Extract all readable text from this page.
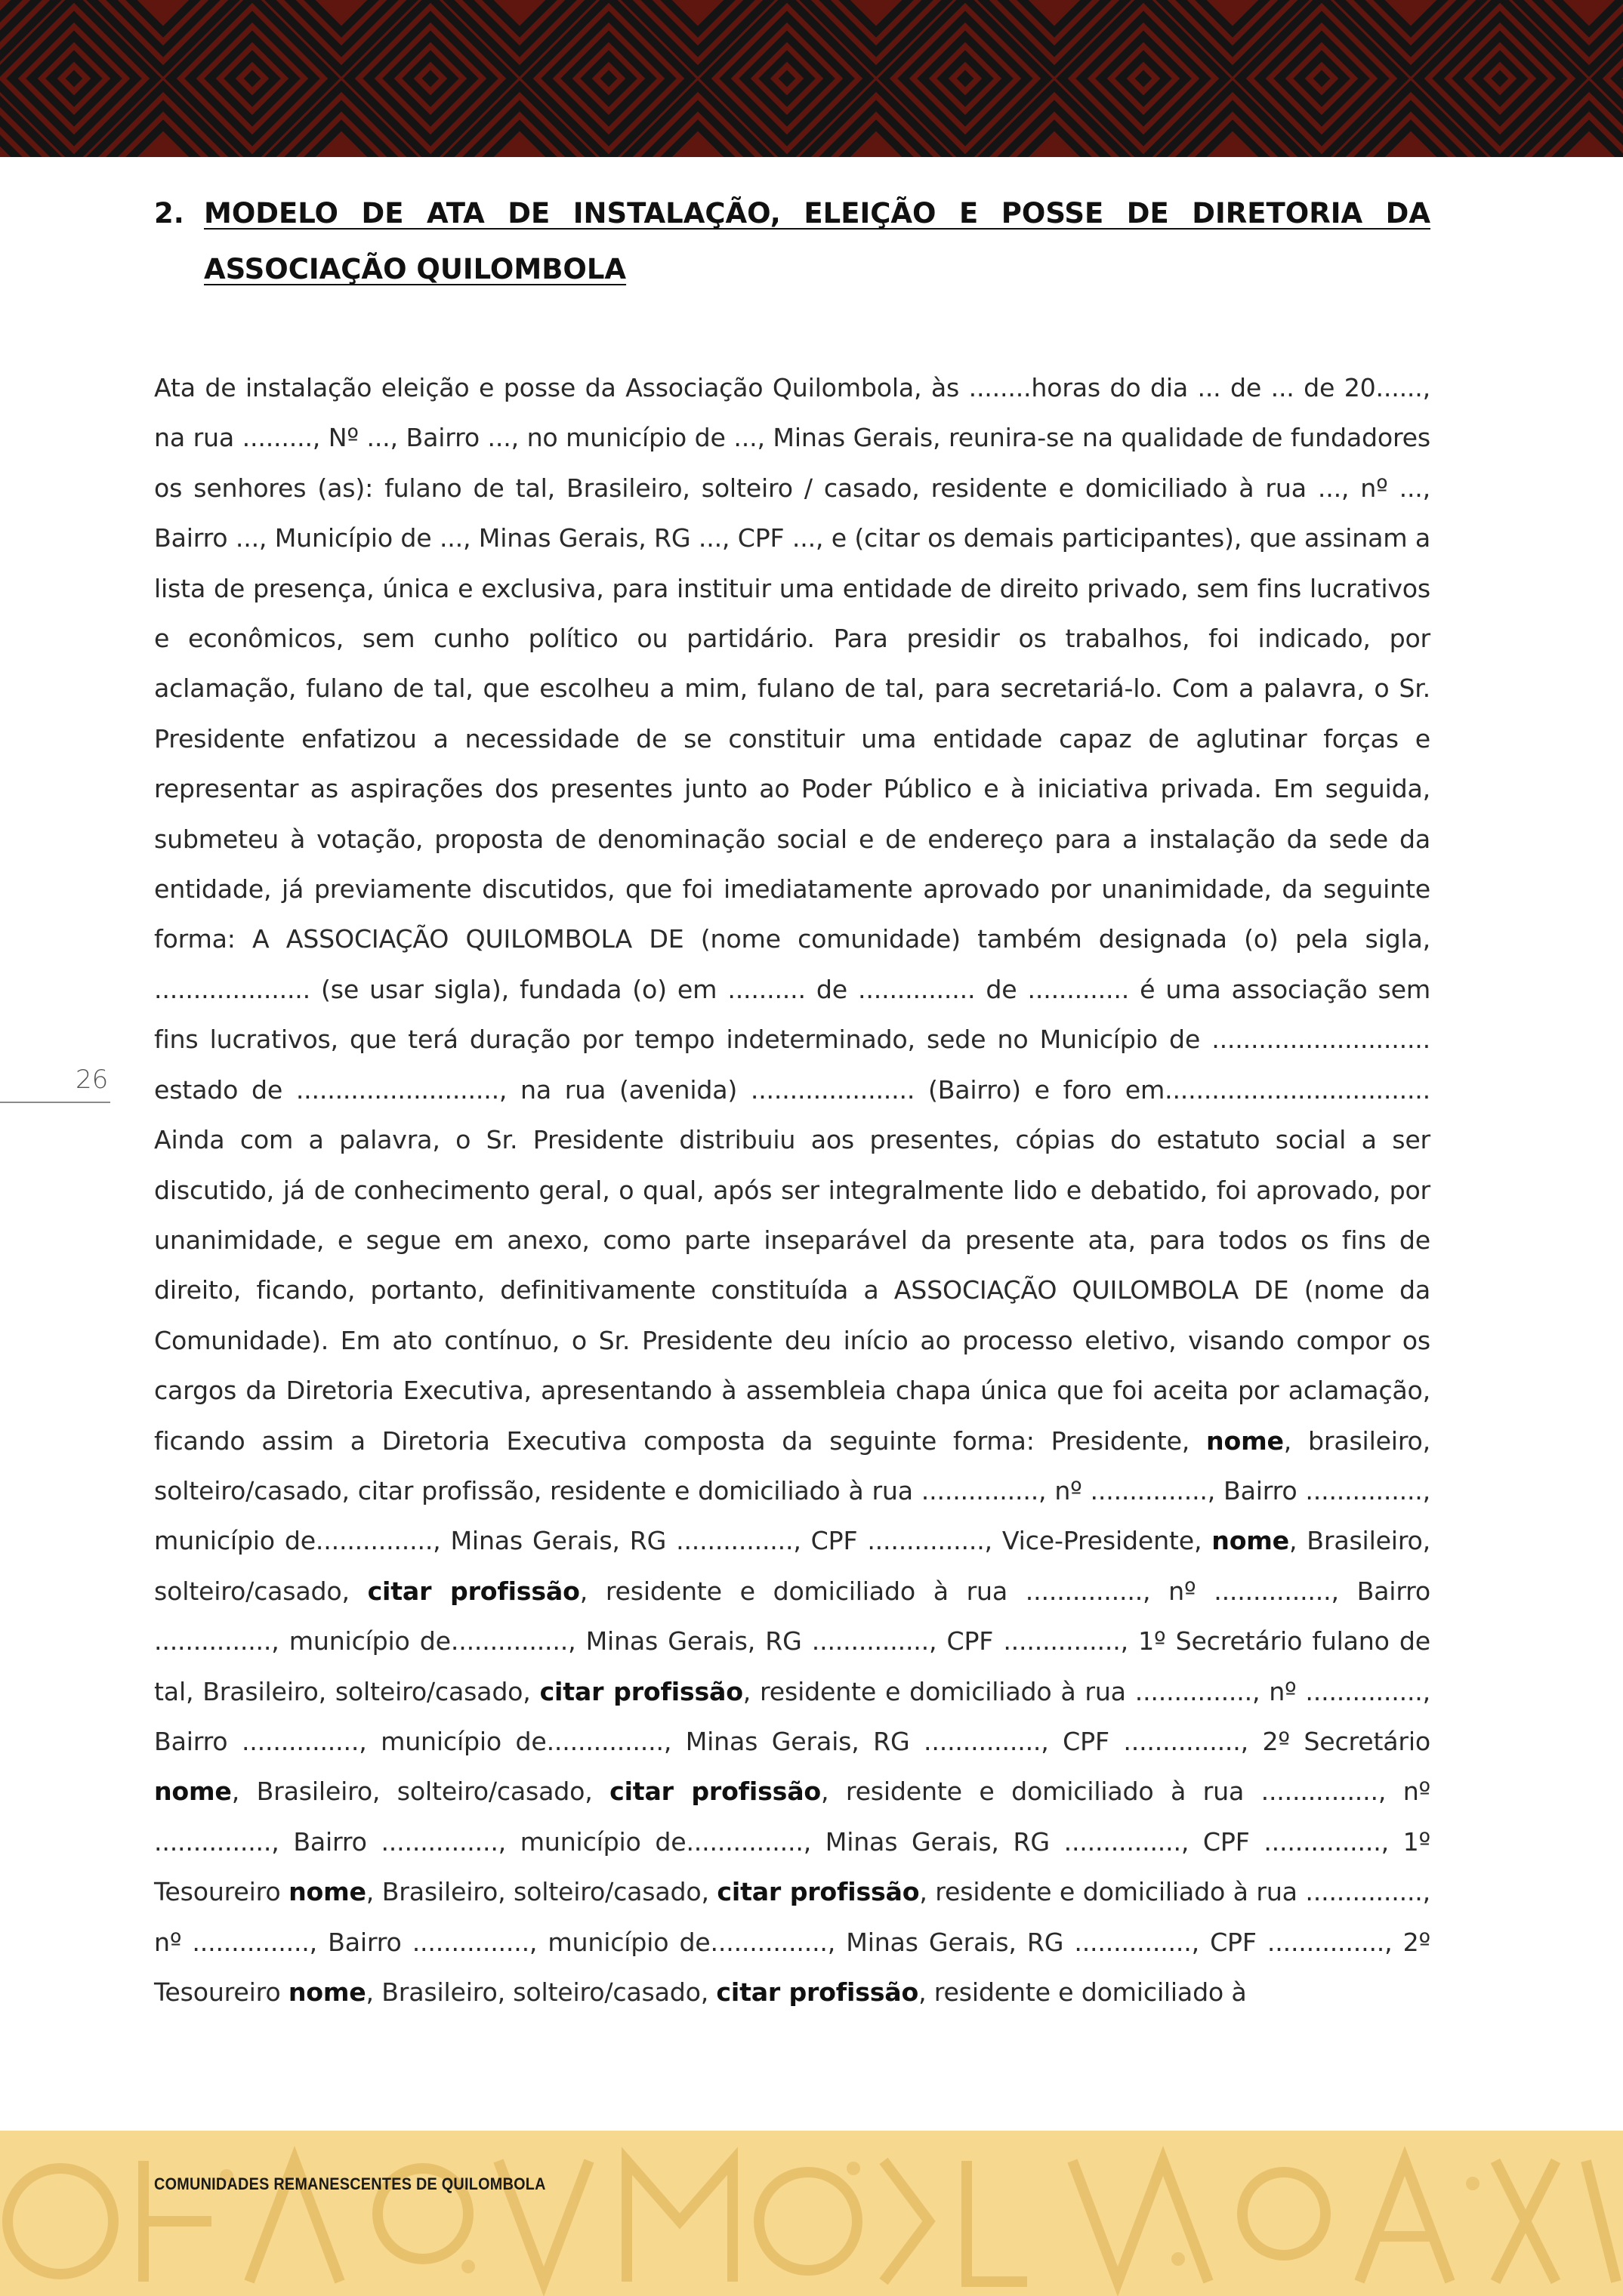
2. MODELO DE ATA DE INSTALAÇÃO, ELEIÇÃO E POSSE DE DIRETORIA DA ASSOCIAÇÃO QUILOMBOLA

Ata de instalação eleição e posse da Associação Quilombola, às ........horas do dia ... de ... de 20......, na rua ........., Nº ..., Bairro ..., no município de ..., Minas Gerais, reunira-se na qualidade de fundadores os senhores (as): fulano de tal, Brasileiro, solteiro / casado, residente e domiciliado à rua ..., nº ..., Bairro ..., Município de ..., Minas Gerais, RG ..., CPF ..., e (citar os demais participantes), que assinam a lista de presença, única e exclusiva, para instituir uma entidade de direito privado, sem fins lucrativos e econômicos, sem cunho político ou partidário. Para presidir os trabalhos, foi indicado, por aclamação, fulano de tal, que escolheu a mim, fulano de tal, para secretariá-lo. Com a palavra, o Sr. Presidente enfatizou a necessidade de se constituir uma entidade capaz de aglutinar forças e representar as aspirações dos presentes junto ao Poder Público e à iniciativa privada. Em seguida, submeteu à votação, proposta de denominação social e de endereço para a instalação da sede da entidade, já previamente discutidos, que foi imediatamente aprovado por unanimidade, da seguinte forma: A ASSOCIAÇÃO QUILOMBOLA DE (nome comunidade) também designada (o) pela sigla, .................... (se usar sigla), fundada (o) em .......... de ............... de ............. é uma associação sem fins lucrativos, que terá duração por tempo indeterminado, sede no Município de ............................ estado de .........................., na rua (avenida) ..................... (Bairro) e foro em.................................. Ainda com a palavra, o Sr. Presidente distribuiu aos presentes, cópias do estatuto social a ser discutido, já de conhecimento geral, o qual, após ser integralmente lido e debatido, foi aprovado, por unanimidade, e segue em anexo, como parte inseparável da presente ata, para todos os fins de direito, ficando, portanto, definitivamente constituída a ASSOCIAÇÃO QUILOMBOLA DE (nome da Comunidade). Em ato contínuo, o Sr. Presidente deu início ao processo eletivo, visando compor os cargos da Diretoria Executiva, apresentando à assembleia chapa única que foi aceita por aclamação, ficando assim a Diretoria Executiva composta da seguinte forma: Presidente, nome, brasileiro, solteiro/casado, citar profissão, residente e domiciliado à rua ..............., nº ..............., Bairro ..............., município de..............., Minas Gerais, RG ..............., CPF ..............., Vice-Presidente, nome, Brasileiro, solteiro/casado, citar profissão, residente e domiciliado à rua ..............., nº ..............., Bairro ..............., município de..............., Minas Gerais, RG ..............., CPF ..............., 1º Secretário fulano de tal, Brasileiro, solteiro/casado, citar profissão, residente e domiciliado à rua ..............., nº ..............., Bairro ..............., município de..............., Minas Gerais, RG ..............., CPF ..............., 2º Secretário nome, Brasileiro, solteiro/casado, citar profissão, residente e domiciliado à rua ..............., nº ..............., Bairro ..............., município de..............., Minas Gerais, RG ..............., CPF ..............., 1º Tesoureiro nome, Brasileiro, solteiro/casado, citar profissão, residente e domiciliado à rua ..............., nº ..............., Bairro ..............., município de..............., Minas Gerais, RG ..............., CPF ..............., 2º Tesoureiro nome, Brasileiro, solteiro/casado, citar profissão, residente e domiciliado à

26
COMUNIDADES REMANESCENTES DE QUILOMBOLA
